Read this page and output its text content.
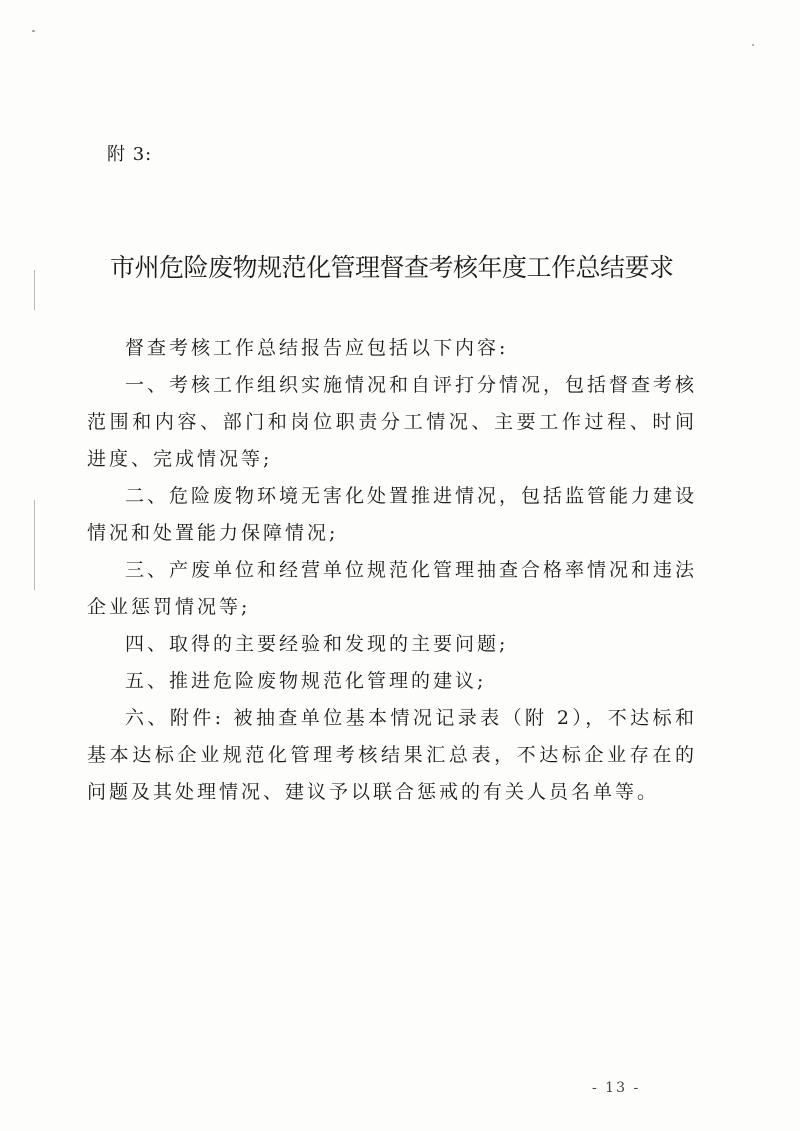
附 3:
市州危险废物规范化管理督查考核年度工作总结要求

督查考核工作总结报告应包括以下内容:

一、考核工作组织实施情况和自评打分情况，包括督查考核范围和内容、部门和岗位职责分工情况、主要工作过程、时间进度、完成情况等;

二、危险废物环境无害化处置推进情况，包括监管能力建设情况和处置能力保障情况;

三、产废单位和经营单位规范化管理抽查合格率情况和违法企业惩罚情况等;

四、取得的主要经验和发现的主要问题;

五、推进危险废物规范化管理的建议;

六、附件: 被抽查单位基本情况记录表（附 2），不达标和基本达标企业规范化管理考核结果汇总表，不达标企业存在的问题及其处理情况、建议予以联合惩戒的有关人员名单等。

- 13 -
